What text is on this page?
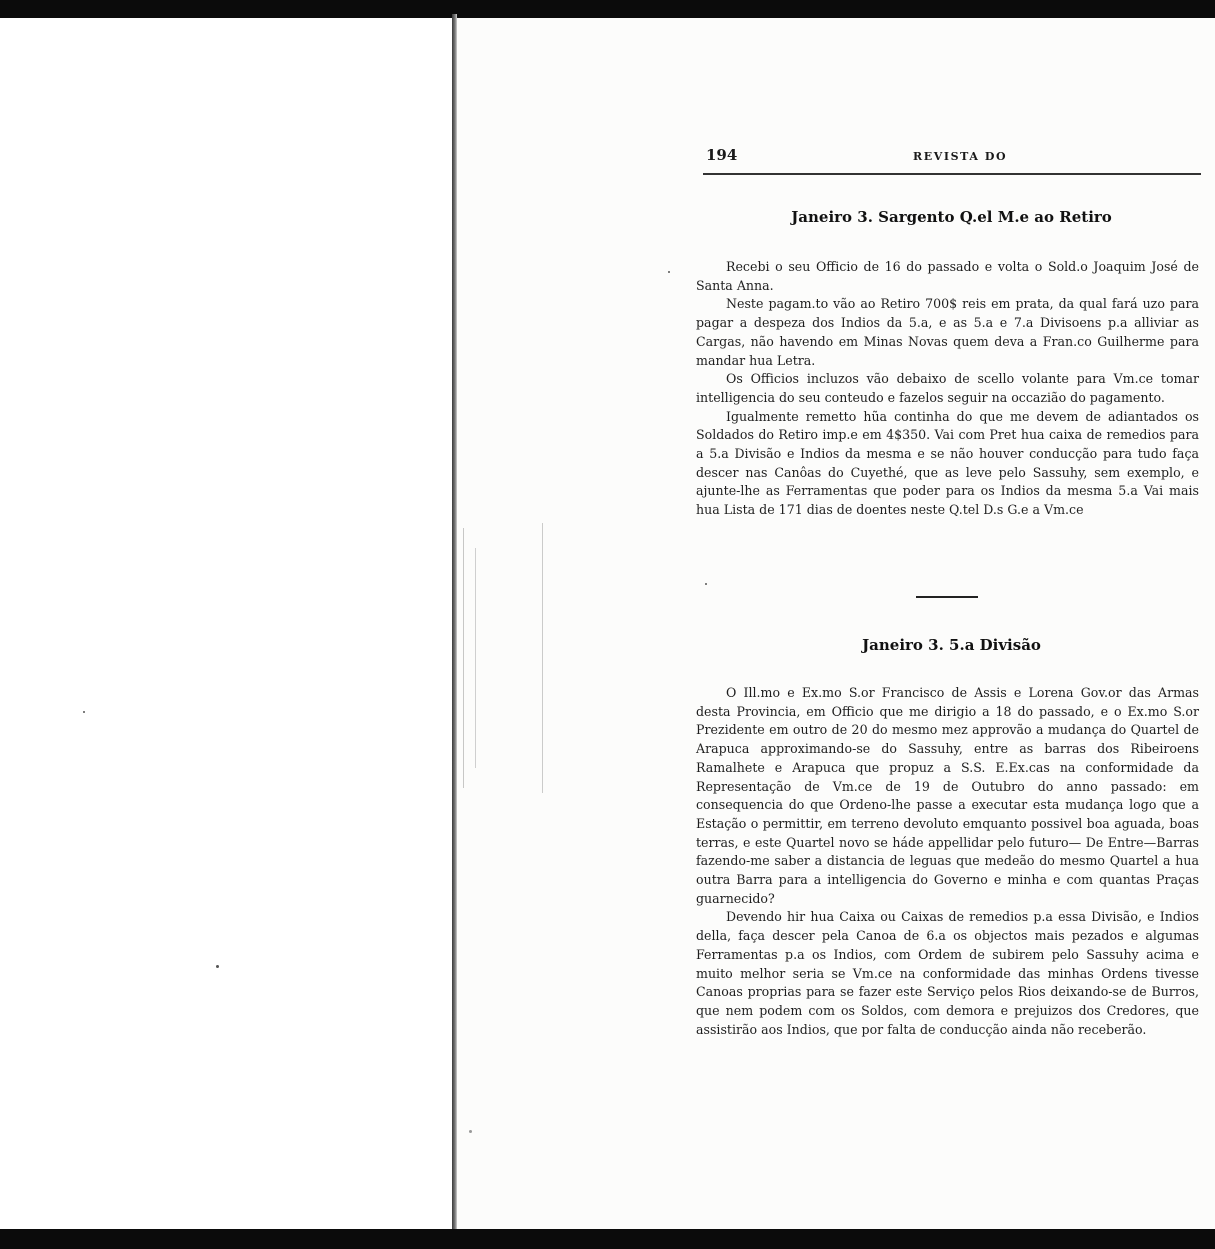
194	REVISTA DO
Janeiro 3. Sargento Q.el M.e ao Retiro

Recebi o seu Officio de 16 do passado e volta o Sold.o Joaquim José de Santa Anna.

Neste pagam.to vão ao Retiro 700$ reis em prata, da qual fará uzo para pagar a despeza dos Indios da 5.a, e as 5.a e 7.a Divisoens p.a alliviar as Cargas, não havendo em Minas Novas quem deva a Fran.co Guilherme para mandar hua Letra.

Os Officios incluzos vão debaixo de scello volante para Vm.ce tomar intelligencia do seu conteudo e fazelos seguir na occazião do pagamento.

Igualmente remetto hũa continha do que me devem de adiantados os Soldados do Retiro imp.e em 4$350. Vai com Pret hua caixa de remedios para a 5.a Divisão e Indios da mesma e se não houver conducção para tudo faça descer nas Canôas do Cuyethé, que as leve pelo Sassuhy, sem exemplo, e ajunte-lhe as Ferramentas que poder para os Indios da mesma 5.a Vai mais hua Lista de 171 dias de doentes neste Q.tel D.s G.e a Vm.ce

Janeiro 3. 5.a Divisão

O Ill.mo e Ex.mo S.or Francisco de Assis e Lorena Gov.or das Armas desta Provincia, em Officio que me dirigio a 18 do passado, e o Ex.mo S.or Prezidente em outro de 20 do mesmo mez approvão a mudança do Quartel de Arapuca approximando-se do Sassuhy, entre as barras dos Ribeiroens Ramalhete e Arapuca que propuz a S.S. E.Ex.cas na conformidade da Representação de Vm.ce de 19 de Outubro do anno passado: em consequencia do que Ordeno-lhe passe a executar esta mudança logo que a Estação o permittir, em terreno devoluto emquanto possivel boa aguada, boas terras, e este Quartel novo se háde appellidar pelo futuro— De Entre—Barras fazendo-me saber a distancia de leguas que medeão do mesmo Quartel a hua outra Barra para a intelligencia do Governo e minha e com quantas Praças guarnecido?

Devendo hir hua Caixa ou Caixas de remedios p.a essa Divisão, e Indios della, faça descer pela Canoa de 6.a os objectos mais pezados e algumas Ferramentas p.a os Indios, com Ordem de subirem pelo Sassuhy acima e muito melhor seria se Vm.ce na conformidade das minhas Ordens tivesse Canoas proprias para se fazer este Serviço pelos Rios deixando-se de Burros, que nem podem com os Soldos, com demora e prejuizos dos Credores, que assistirão aos Indios, que por falta de conducção ainda não receberão.
